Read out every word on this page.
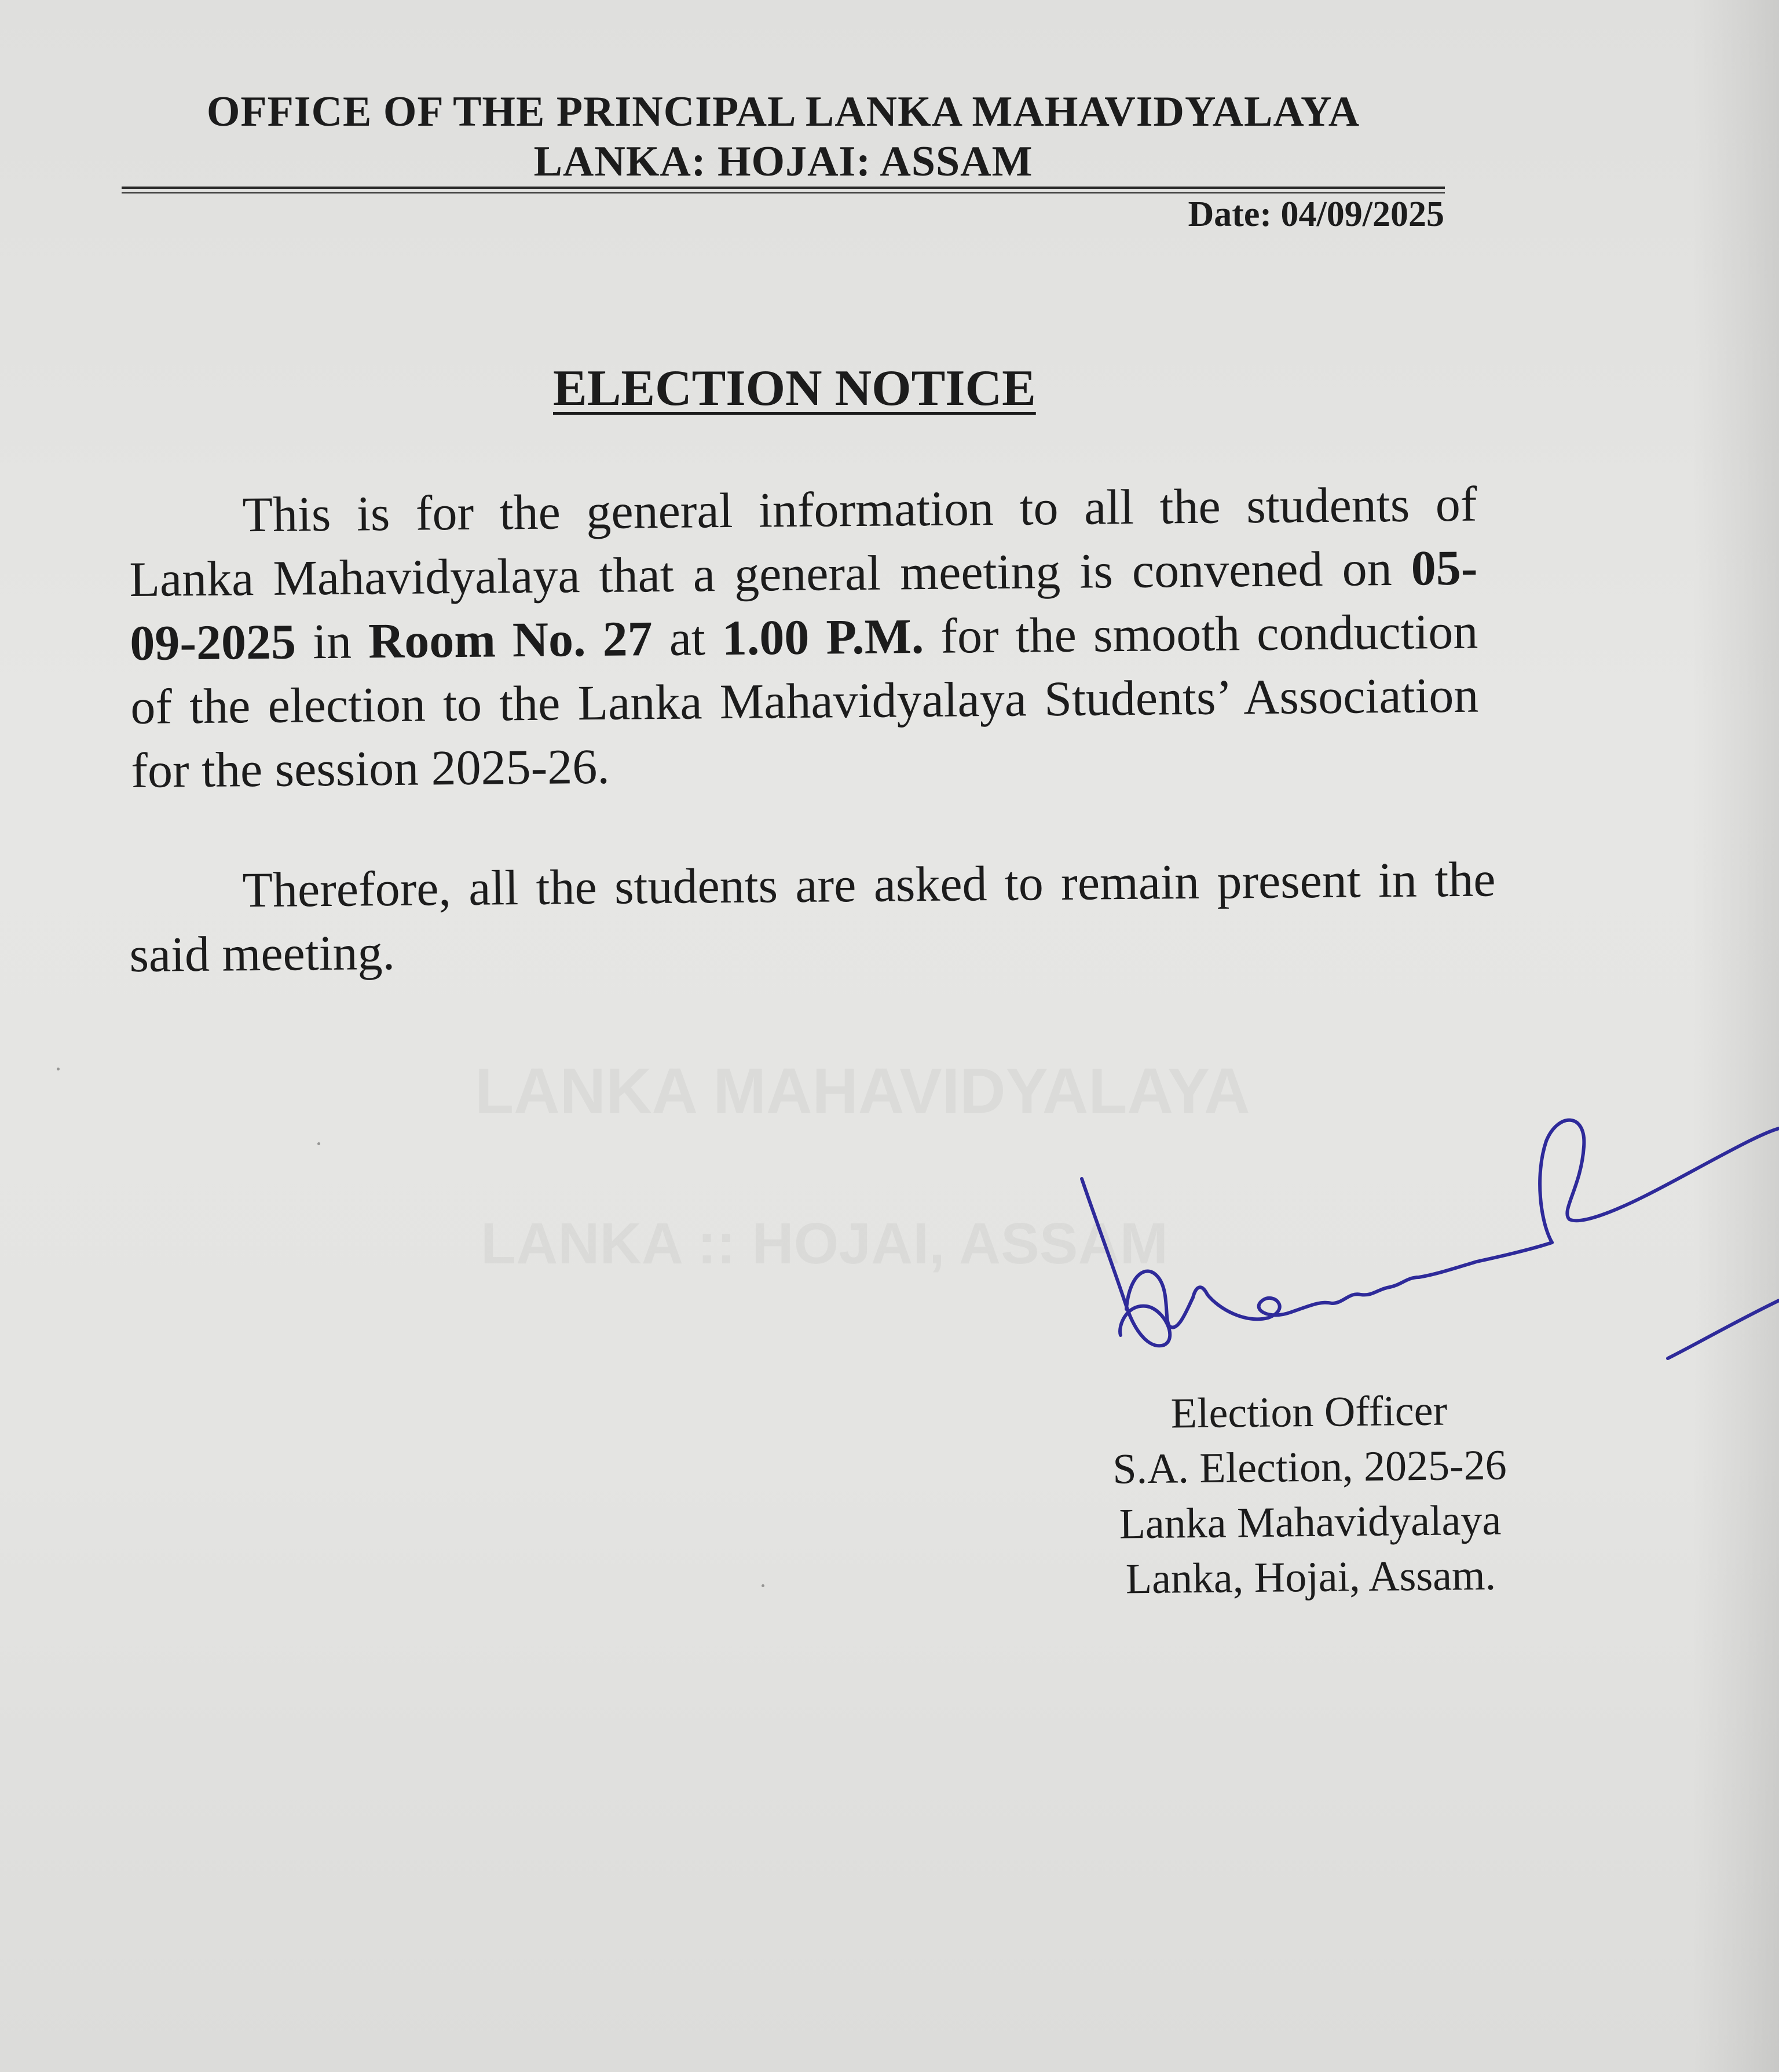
OFFICE OF THE PRINCIPAL LANKA MAHAVIDYALAYA
LANKA: HOJAI: ASSAM
Date: 04/09/2025
ELECTION NOTICE
This is for the general information to all the students of Lanka Mahavidyalaya that a general meeting is convened on 05-09-2025 in Room No. 27 at 1.00 P.M. for the smooth conduction of the election to the Lanka Mahavidyalaya Students’ Association for the session 2025-26.
Therefore, all the students are asked to remain present in the said meeting.
Election Officer
S.A. Election, 2025-26
Lanka Mahavidyalaya
Lanka, Hojai, Assam.
